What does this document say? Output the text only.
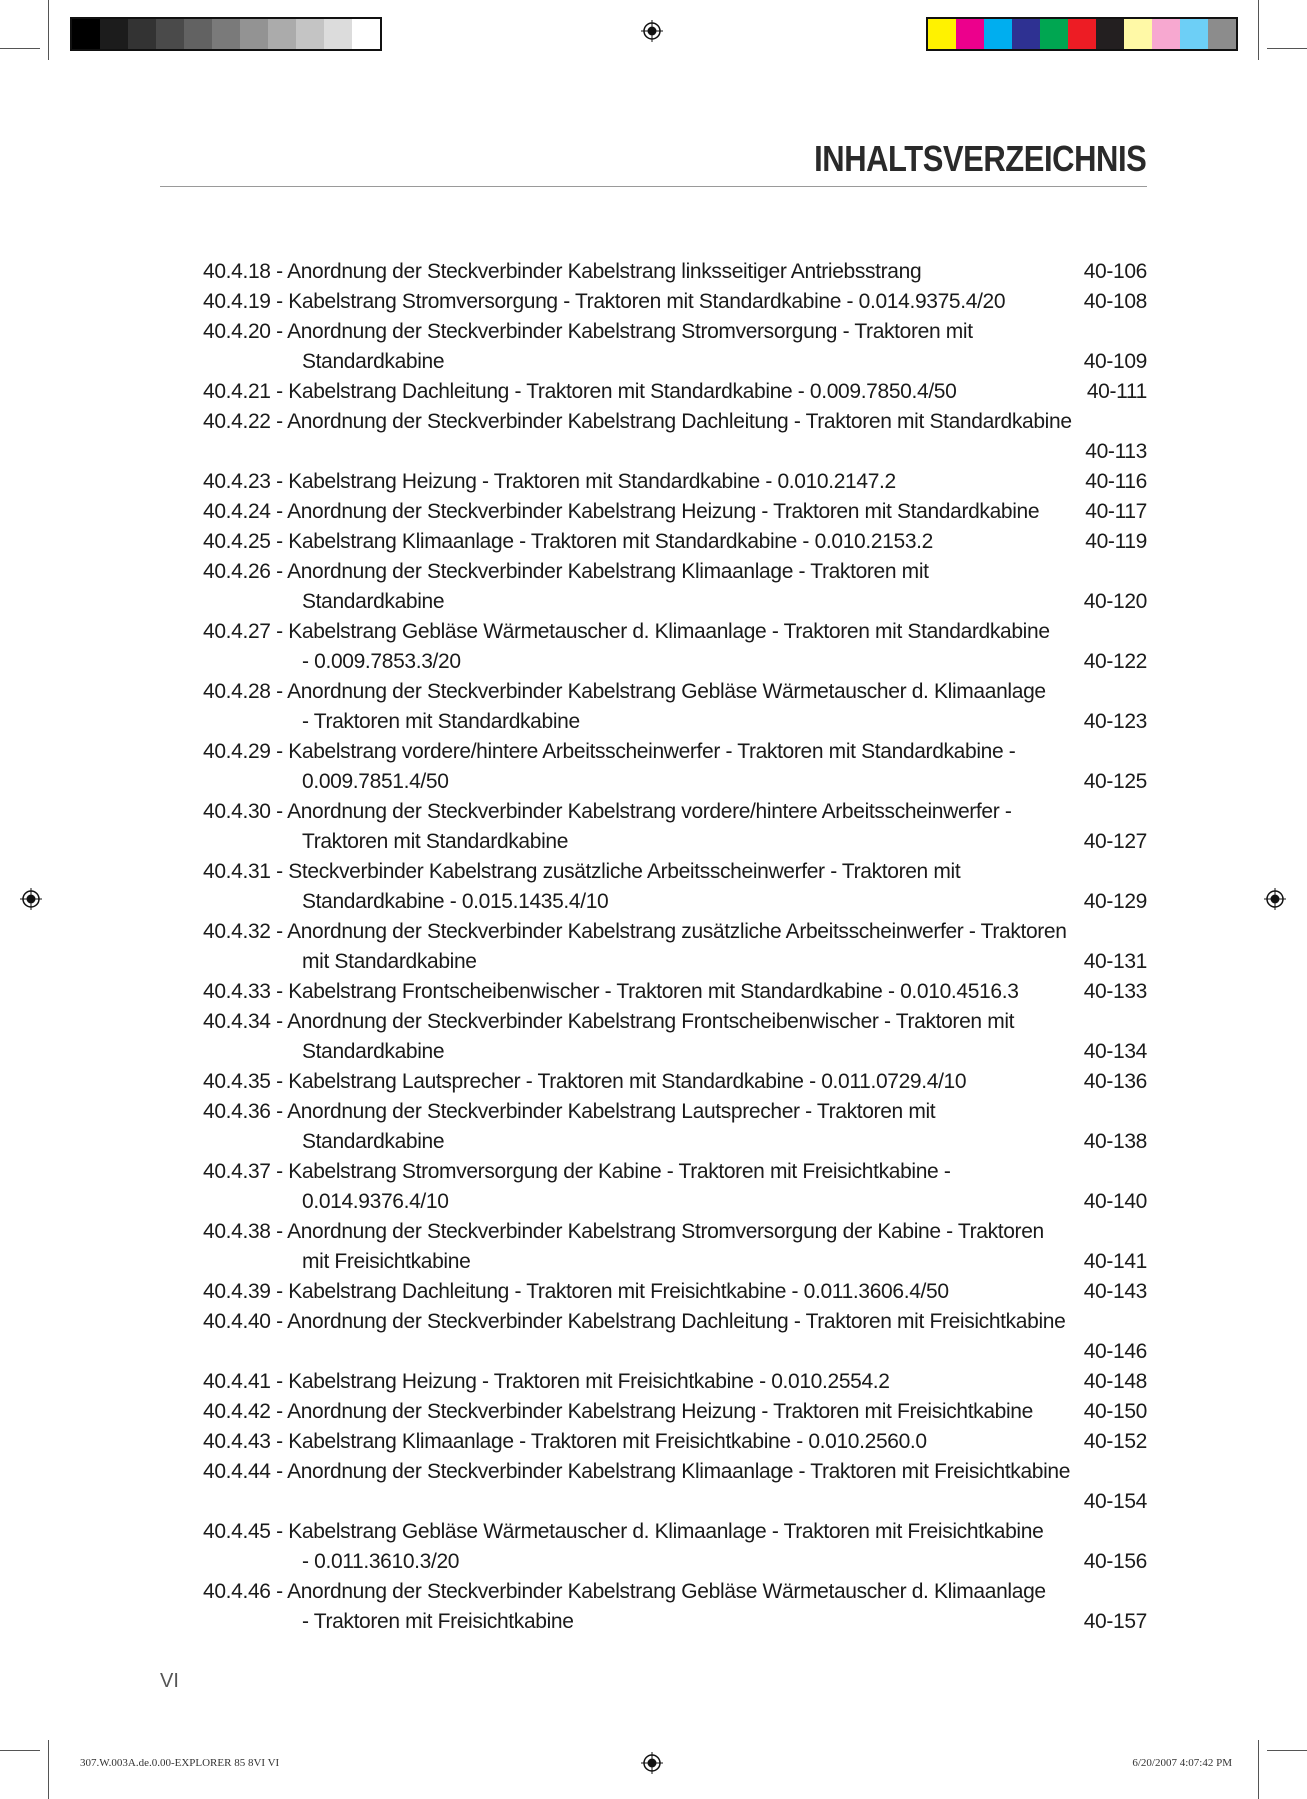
INHALTSVERZEICHNIS
40.4.18 - Anordnung der Steckverbinder Kabelstrang linksseitiger Antriebsstrang	40-106
40.4.19 - Kabelstrang Stromversorgung - Traktoren mit Standardkabine - 0.014.9375.4/20	40-108
40.4.20 - Anordnung der Steckverbinder Kabelstrang Stromversorgung - Traktoren mit
Standardkabine	40-109
40.4.21 - Kabelstrang Dachleitung - Traktoren mit Standardkabine - 0.009.7850.4/50	40-111
40.4.22 - Anordnung der Steckverbinder Kabelstrang Dachleitung - Traktoren mit Standardkabine
40-113
40.4.23 - Kabelstrang Heizung - Traktoren mit Standardkabine - 0.010.2147.2	40-116
40.4.24 - Anordnung der Steckverbinder Kabelstrang Heizung - Traktoren mit Standardkabine 40-117
40.4.25 - Kabelstrang Klimaanlage - Traktoren mit Standardkabine - 0.010.2153.2	40-119
40.4.26 - Anordnung der Steckverbinder Kabelstrang Klimaanlage - Traktoren mit
Standardkabine	40-120
40.4.27 - Kabelstrang Gebläse Wärmetauscher d. Klimaanlage - Traktoren mit Standardkabine
- 0.009.7853.3/20	40-122
40.4.28 - Anordnung der Steckverbinder Kabelstrang Gebläse Wärmetauscher d. Klimaanlage
- Traktoren mit Standardkabine	40-123
40.4.29 - Kabelstrang vordere/hintere Arbeitsscheinwerfer - Traktoren mit Standardkabine -
0.009.7851.4/50	40-125
40.4.30 - Anordnung der Steckverbinder Kabelstrang vordere/hintere Arbeitsscheinwerfer -
Traktoren mit Standardkabine	40-127
40.4.31 - Steckverbinder Kabelstrang zusätzliche Arbeitsscheinwerfer - Traktoren mit
Standardkabine - 0.015.1435.4/10	40-129
40.4.32 - Anordnung der Steckverbinder Kabelstrang zusätzliche Arbeitsscheinwerfer - Traktoren
mit Standardkabine	40-131
40.4.33 - Kabelstrang Frontscheibenwischer - Traktoren mit Standardkabine - 0.010.4516.3	40-133
40.4.34 - Anordnung der Steckverbinder Kabelstrang Frontscheibenwischer - Traktoren mit
Standardkabine	40-134
40.4.35 - Kabelstrang Lautsprecher - Traktoren mit Standardkabine - 0.011.0729.4/10	40-136
40.4.36 - Anordnung der Steckverbinder Kabelstrang Lautsprecher - Traktoren mit
Standardkabine	40-138
40.4.37 - Kabelstrang Stromversorgung der Kabine - Traktoren mit Freisichtkabine -
0.014.9376.4/10	40-140
40.4.38 - Anordnung der Steckverbinder Kabelstrang Stromversorgung der Kabine - Traktoren
mit Freisichtkabine	40-141
40.4.39 - Kabelstrang Dachleitung - Traktoren mit Freisichtkabine - 0.011.3606.4/50	40-143
40.4.40 - Anordnung der Steckverbinder Kabelstrang Dachleitung - Traktoren mit Freisichtkabine
40-146
40.4.41 - Kabelstrang Heizung - Traktoren mit Freisichtkabine - 0.010.2554.2	40-148
40.4.42 - Anordnung der Steckverbinder Kabelstrang Heizung - Traktoren mit Freisichtkabine 40-150
40.4.43 - Kabelstrang Klimaanlage - Traktoren mit Freisichtkabine - 0.010.2560.0	40-152
40.4.44 - Anordnung der Steckverbinder Kabelstrang Klimaanlage - Traktoren mit Freisichtkabine
40-154
40.4.45 - Kabelstrang Gebläse Wärmetauscher d. Klimaanlage - Traktoren mit Freisichtkabine
- 0.011.3610.3/20	40-156
40.4.46 - Anordnung der Steckverbinder Kabelstrang Gebläse Wärmetauscher d. Klimaanlage
- Traktoren mit Freisichtkabine	40-157
VI
307.W.003A.de.0.00-EXPLORER 85 8VI VI	6/20/2007 4:07:42 PM
